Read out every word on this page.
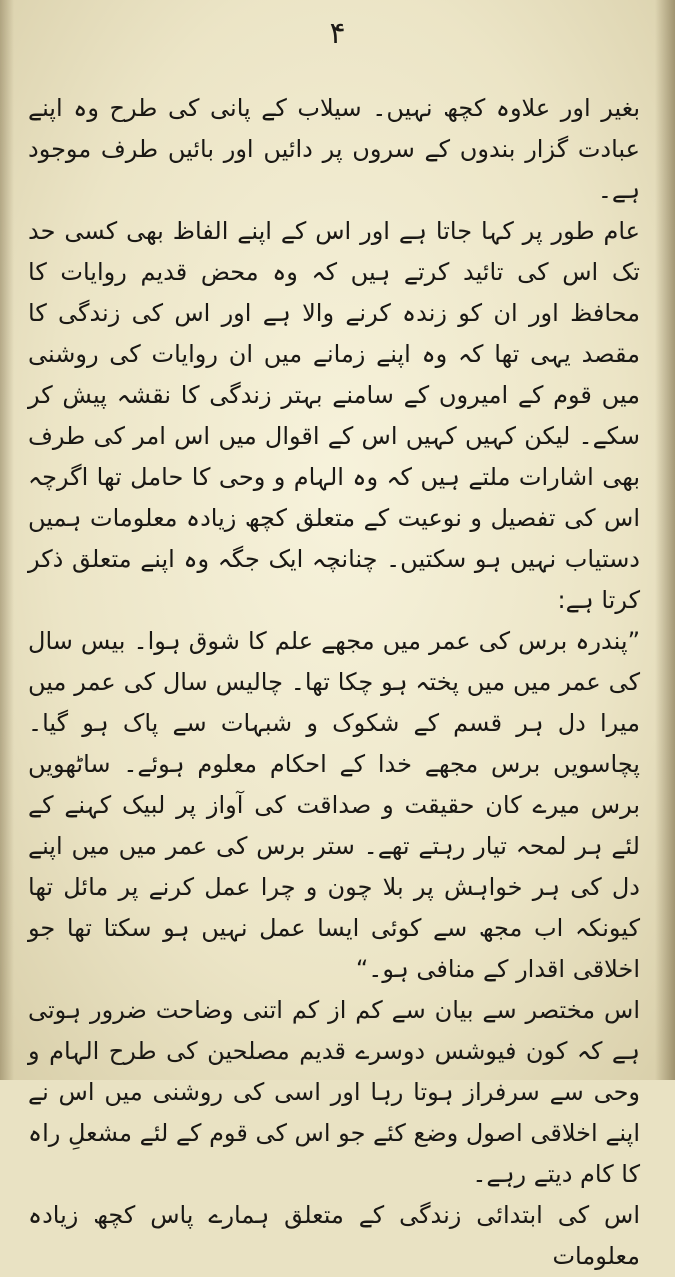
۴

بغیر اور علاوہ کچھ نہیں۔ سیلاب کے پانی کی طرح وہ اپنے عبادت گزار بندوں کے سروں پر دائیں اور بائیں طرف موجود ہے۔

عام طور پر کہا جاتا ہے اور اس کے اپنے الفاظ بھی کسی حد تک اس کی تائید کرتے ہیں کہ وہ محض قدیم روایات کا محافظ اور ان کو زندہ کرنے والا ہے اور اس کی زندگی کا مقصد یہی تھا کہ وہ اپنے زمانے میں ان روایات کی روشنی میں قوم کے امیروں کے سامنے بہتر زندگی کا نقشہ پیش کر سکے۔ لیکن کہیں کہیں اس کے اقوال میں اس امر کی طرف بھی اشارات ملتے ہیں کہ وہ الہام و وحی کا حامل تھا اگرچہ اس کی تفصیل و نوعیت کے متعلق کچھ زیادہ معلومات ہمیں دستیاب نہیں ہو سکتیں۔ چنانچہ ایک جگہ وہ اپنے متعلق ذکر کرتا ہے:

”پندرہ برس کی عمر میں مجھے علم کا شوق ہوا۔ بیس سال کی عمر میں میں پختہ ہو چکا تھا۔ چالیس سال کی عمر میں میرا دل ہر قسم کے شکوک و شبہات سے پاک ہو گیا۔ پچاسویں برس مجھے خدا کے احکام معلوم ہوئے۔ ساٹھویں برس میرے کان حقیقت و صداقت کی آواز پر لبیک کہنے کے لئے ہر لمحہ تیار رہتے تھے۔ ستر برس کی عمر میں میں اپنے دل کی ہر خواہش پر بلا چون و چرا عمل کرنے پر مائل تھا کیونکہ اب مجھ سے کوئی ایسا عمل نہیں ہو سکتا تھا جو اخلاقی اقدار کے منافی ہو۔“

اس مختصر سے بیان سے کم از کم اتنی وضاحت ضرور ہوتی ہے کہ کون فیوشس دوسرے قدیم مصلحین کی طرح الہام و وحی سے سرفراز ہوتا رہا اور اسی کی روشنی میں اس نے اپنے اخلاقی اصول وضع کئے جو اس کی قوم کے لئے مشعلِ راہ کا کام دیتے رہے۔

اس کی ابتدائی زندگی کے متعلق ہمارے پاس کچھ زیادہ معلومات
